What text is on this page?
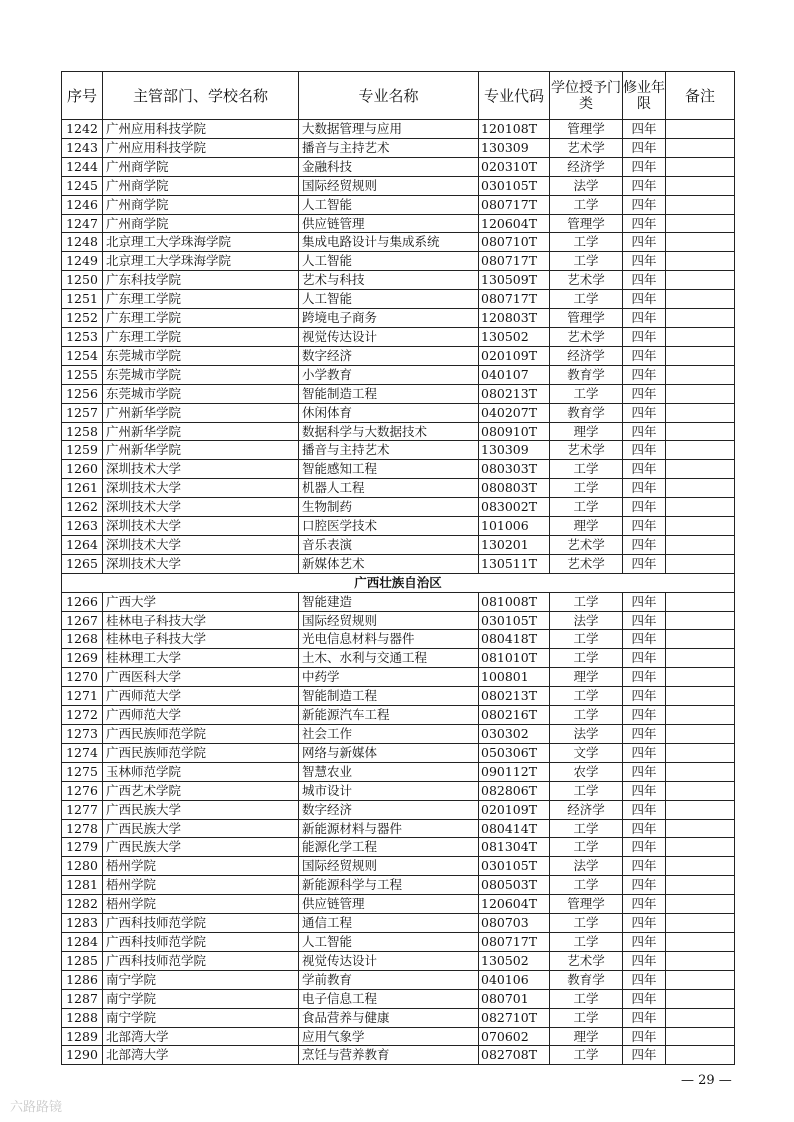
序号	主管部门、学校名称	专业名称	专业代码	学位授予门类	修业年限	备注
1242	广州应用科技学院	大数据管理与应用	120108T	管理学	四年	
1243	广州应用科技学院	播音与主持艺术	130309	艺术学	四年	
1244	广州商学院	金融科技	020310T	经济学	四年	
1245	广州商学院	国际经贸规则	030105T	法学	四年	
1246	广州商学院	人工智能	080717T	工学	四年	
1247	广州商学院	供应链管理	120604T	管理学	四年	
1248	北京理工大学珠海学院	集成电路设计与集成系统	080710T	工学	四年	
1249	北京理工大学珠海学院	人工智能	080717T	工学	四年	
1250	广东科技学院	艺术与科技	130509T	艺术学	四年	
1251	广东理工学院	人工智能	080717T	工学	四年	
1252	广东理工学院	跨境电子商务	120803T	管理学	四年	
1253	广东理工学院	视觉传达设计	130502	艺术学	四年	
1254	东莞城市学院	数字经济	020109T	经济学	四年	
1255	东莞城市学院	小学教育	040107	教育学	四年	
1256	东莞城市学院	智能制造工程	080213T	工学	四年	
1257	广州新华学院	休闲体育	040207T	教育学	四年	
1258	广州新华学院	数据科学与大数据技术	080910T	理学	四年	
1259	广州新华学院	播音与主持艺术	130309	艺术学	四年	
1260	深圳技术大学	智能感知工程	080303T	工学	四年	
1261	深圳技术大学	机器人工程	080803T	工学	四年	
1262	深圳技术大学	生物制药	083002T	工学	四年	
1263	深圳技术大学	口腔医学技术	101006	理学	四年	
1264	深圳技术大学	音乐表演	130201	艺术学	四年	
1265	深圳技术大学	新媒体艺术	130511T	艺术学	四年	
广西壮族自治区						
1266	广西大学	智能建造	081008T	工学	四年	
1267	桂林电子科技大学	国际经贸规则	030105T	法学	四年	
1268	桂林电子科技大学	光电信息材料与器件	080418T	工学	四年	
1269	桂林理工大学	土木、水利与交通工程	081010T	工学	四年	
1270	广西医科大学	中药学	100801	理学	四年	
1271	广西师范大学	智能制造工程	080213T	工学	四年	
1272	广西师范大学	新能源汽车工程	080216T	工学	四年	
1273	广西民族师范学院	社会工作	030302	法学	四年	
1274	广西民族师范学院	网络与新媒体	050306T	文学	四年	
1275	玉林师范学院	智慧农业	090112T	农学	四年	
1276	广西艺术学院	城市设计	082806T	工学	四年	
1277	广西民族大学	数字经济	020109T	经济学	四年	
1278	广西民族大学	新能源材料与器件	080414T	工学	四年	
1279	广西民族大学	能源化学工程	081304T	工学	四年	
1280	梧州学院	国际经贸规则	030105T	法学	四年	
1281	梧州学院	新能源科学与工程	080503T	工学	四年	
1282	梧州学院	供应链管理	120604T	管理学	四年	
1283	广西科技师范学院	通信工程	080703	工学	四年	
1284	广西科技师范学院	人工智能	080717T	工学	四年	
1285	广西科技师范学院	视觉传达设计	130502	艺术学	四年	
1286	南宁学院	学前教育	040106	教育学	四年	
1287	南宁学院	电子信息工程	080701	工学	四年	
1288	南宁学院	食品营养与健康	082710T	工学	四年	
1289	北部湾大学	应用气象学	070602	理学	四年	
1290	北部湾大学	烹饪与营养教育	082708T	工学	四年	
— 29 —
六路路镜
